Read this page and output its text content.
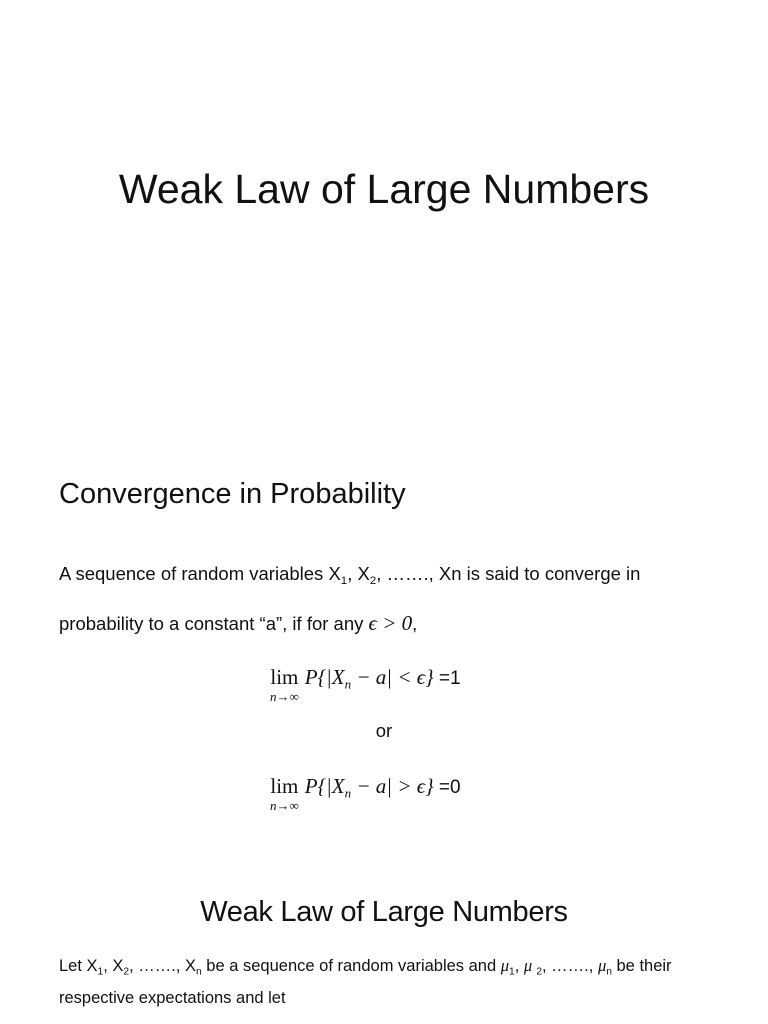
Weak Law of Large Numbers
Convergence in Probability
A sequence of random variables $X_1$, $X_2$, ……., Xn is said to converge in
probability to a constant “a”, if for any ϵ > 0,
lim
n→∞
$P\{|X_n - a| < \epsilon\} =1$
or
lim
n→∞
$P\{|X_n - a| > \epsilon\} =0$
Weak Law of Large Numbers
Let $X_1$, $X_2$, ……., $X_n$ be a sequence of random variables and $\mu_1$, μ $_2$, ……., $\mu_n$ be their respective expectations and let
